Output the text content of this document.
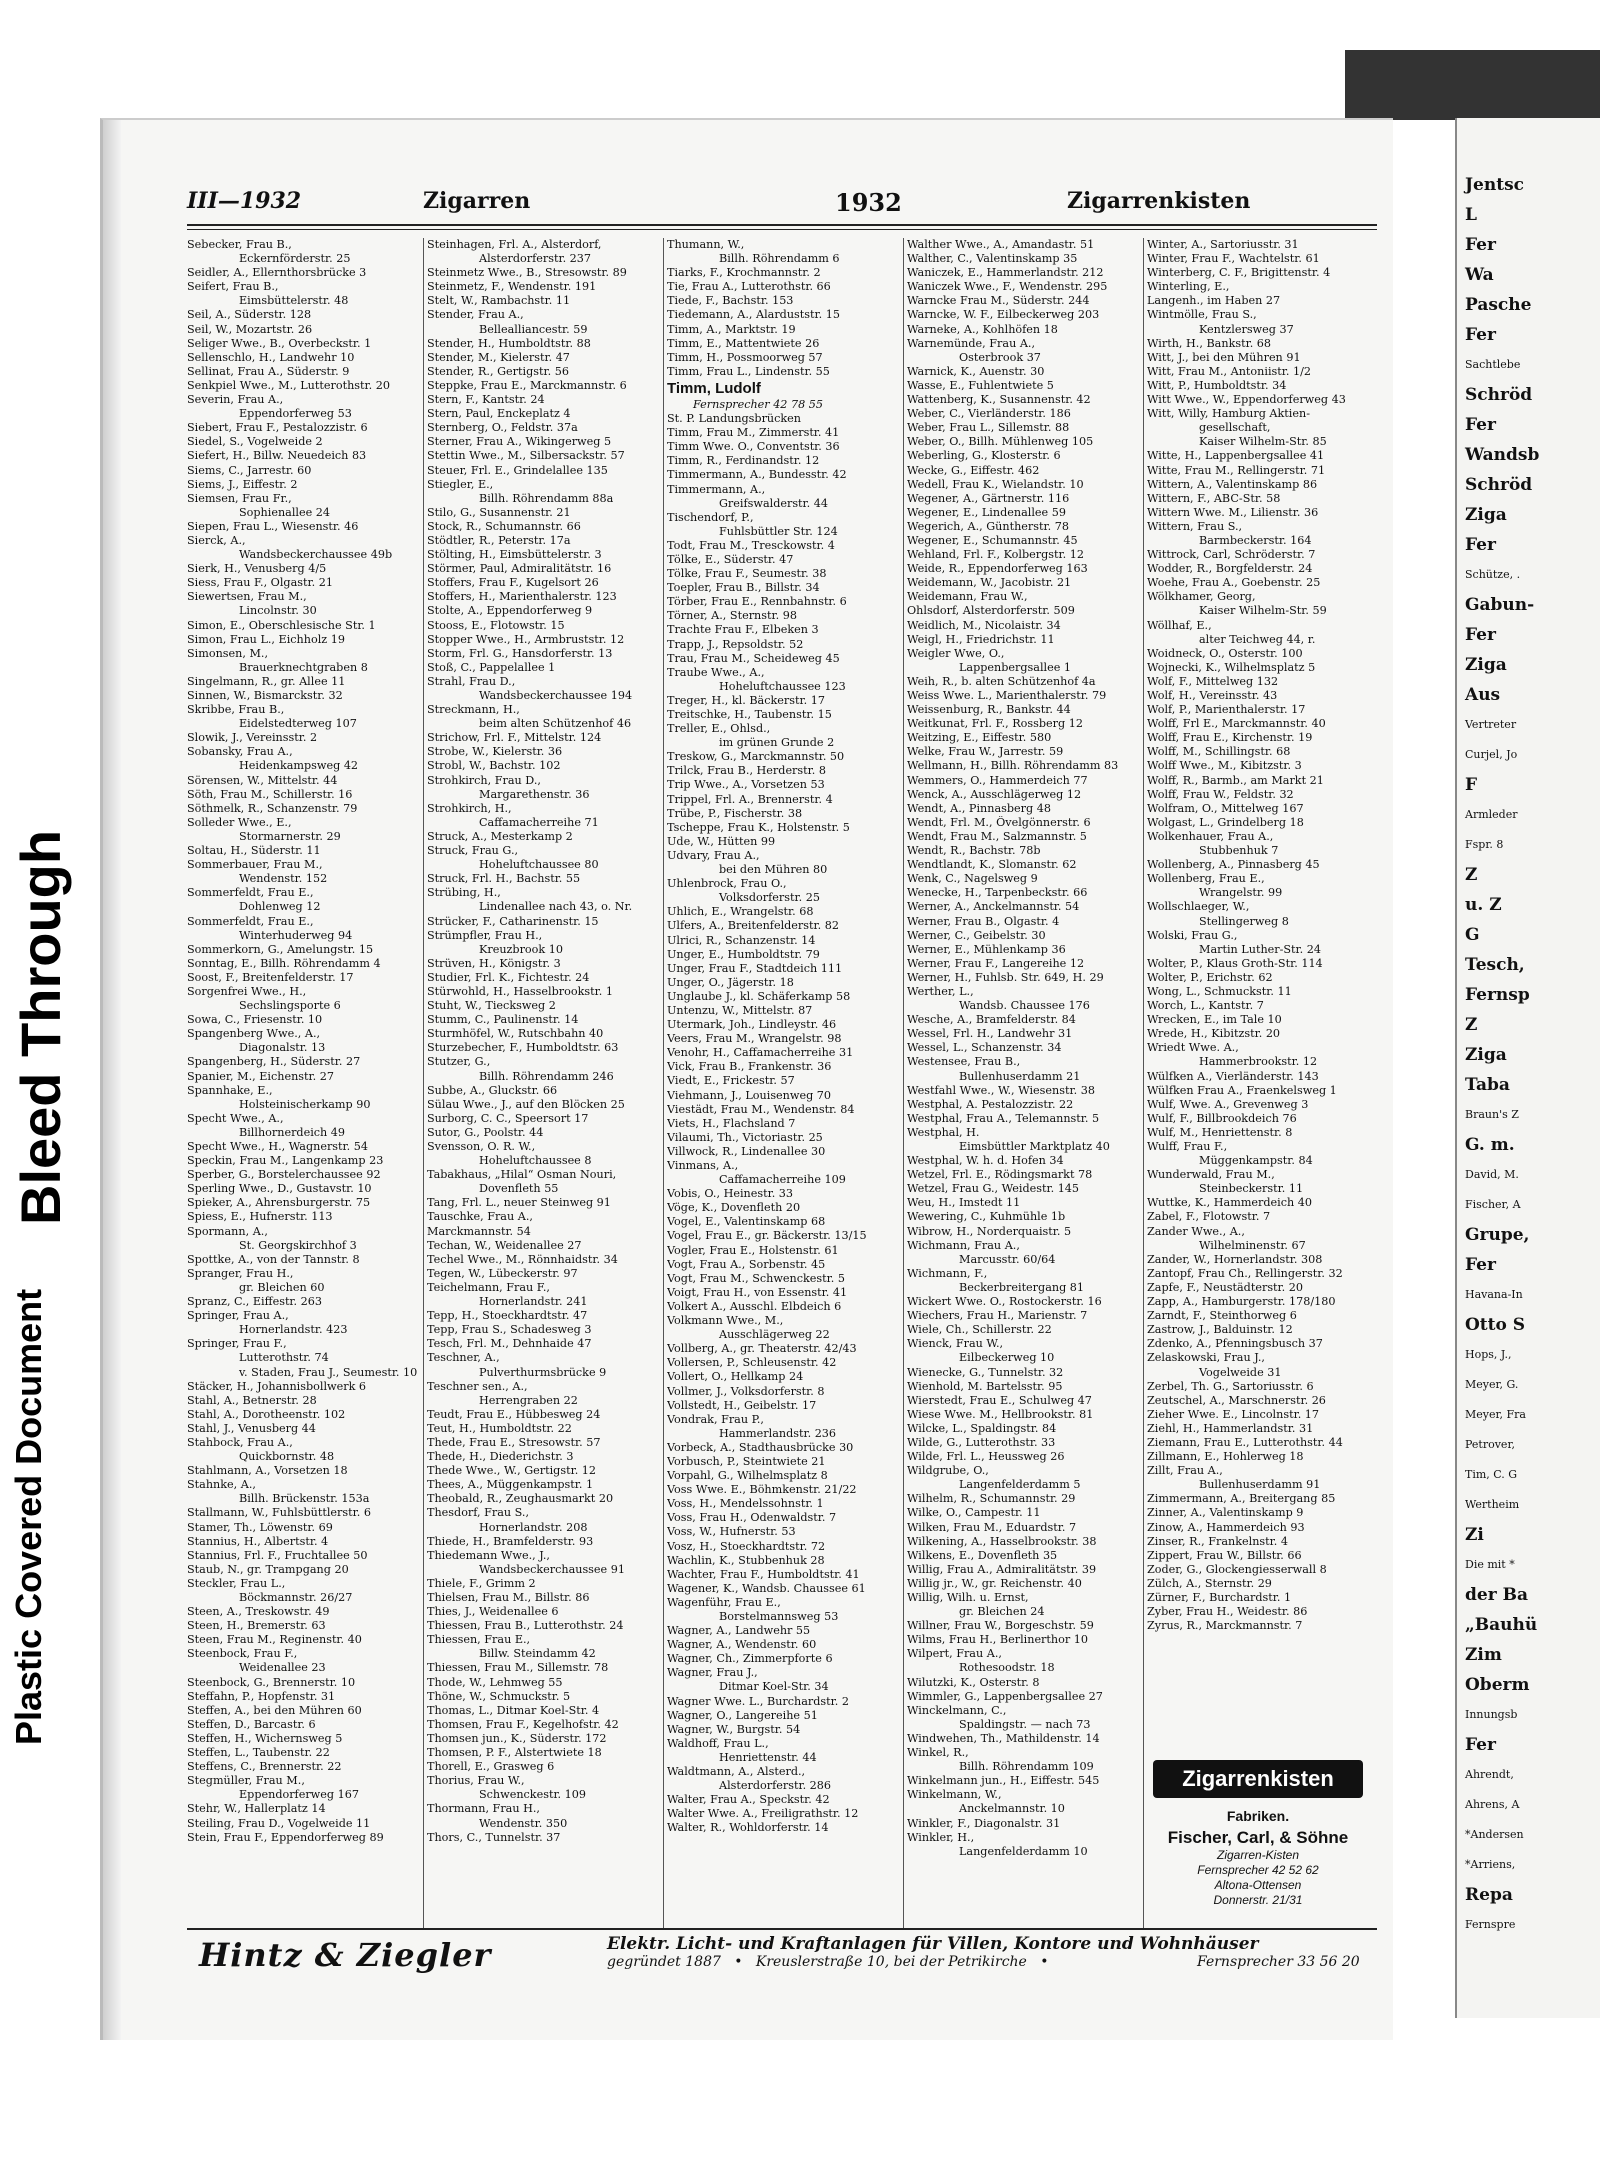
Bleed Through
Plastic Covered Document
III—1932	Zigarren	1932	Zigarrenkisten
Sebecker, Frau B.,
Eckernförderstr. 25
Seidler, A., Ellernthorsbrücke 3
Seifert, Frau B.,
Eimsbüttelerstr. 48
Seil, A., Süderstr. 128
Seil, W., Mozartstr. 26
Seliger Wwe., B., Overbeckstr. 1
Sellenschlo, H., Landwehr 10
Sellinat, Frau A., Süderstr. 9
Senkpiel Wwe., M., Lutterothstr. 20
Severin, Frau A.,
Eppendorferweg 53
Siebert, Frau F., Pestalozzistr. 6
Siedel, S., Vogelweide 2
Siefert, H., Billw. Neuedeich 83
Siems, C., Jarrestr. 60
Siems, J., Eiffestr. 2
Siemsen, Frau Fr.,
Sophienallee 24
Siepen, Frau L., Wiesenstr. 46
Sierck, A.,
Wandsbeckerchaussee 49b
Sierk, H., Venusberg 4/5
Siess, Frau F., Olgastr. 21
Siewertsen, Frau M.,
Lincolnstr. 30
Simon, E., Oberschlesische Str. 1
Simon, Frau L., Eichholz 19
Simonsen, M.,
Brauerknechtgraben 8
Singelmann, R., gr. Allee 11
Sinnen, W., Bismarckstr. 32
Skribbe, Frau B.,
Eidelstedterweg 107
Slowik, J., Vereinsstr. 2
Sobansky, Frau A.,
Heidenkampsweg 42
Sörensen, W., Mittelstr. 44
Söth, Frau M., Schillerstr. 16
Söthmelk, R., Schanzenstr. 79
Solleder Wwe., E.,
Stormarnerstr. 29
Soltau, H., Süderstr. 11
Sommerbauer, Frau M.,
Wendenstr. 152
Sommerfeldt, Frau E.,
Dohlenweg 12
Sommerfeldt, Frau E.,
Winterhuderweg 94
Sommerkorn, G., Amelungstr. 15
Sonntag, E., Billh. Röhrendamm 4
Soost, F., Breitenfelderstr. 17
Sorgenfrei Wwe., H.,
Sechslingsporte 6
Sowa, C., Friesenstr. 10
Spangenberg Wwe., A.,
Diagonalstr. 13
Spangenberg, H., Süderstr. 27
Spanier, M., Eichenstr. 27
Spannhake, E.,
Holsteinischerkamp 90
Specht Wwe., A.,
Billhornerdeich 49
Specht Wwe., H., Wagnerstr. 54
Speckin, Frau M., Langenkamp 23
Sperber, G., Borstelerchaussee 92
Sperling Wwe., D., Gustavstr. 10
Spieker, A., Ahrensburgerstr. 75
Spiess, E., Hufnerstr. 113
Spormann, A.,
St. Georgskirchhof 3
Spottke, A., von der Tannstr. 8
Spranger, Frau H.,
gr. Bleichen 60
Spranz, C., Eiffestr. 263
Springer, Frau A.,
Hornerlandstr. 423
Springer, Frau F.,
Lutterothstr. 74
v. Staden, Frau J., Seumestr. 10
Stäcker, H., Johannisbollwerk 6
Stahl, A., Betnerstr. 28
Stahl, A., Dorotheenstr. 102
Stahl, J., Venusberg 44
Stahbock, Frau A.,
Quickbornstr. 48
Stahlmann, A., Vorsetzen 18
Stahnke, A.,
Billh. Brückenstr. 153a
Stallmann, W., Fuhlsbüttlerstr. 6
Stamer, Th., Löwenstr. 69
Stannius, H., Albertstr. 4
Stannius, Frl. F., Fruchtallee 50
Staub, N., gr. Trampgang 20
Steckler, Frau L.,
Böckmannstr. 26/27
Steen, A., Treskowstr. 49
Steen, H., Bremerstr. 63
Steen, Frau M., Reginenstr. 40
Steenbock, Frau F.,
Weidenallee 23
Steenbock, G., Brennerstr. 10
Steffahn, P., Hopfenstr. 31
Steffen, A., bei den Mühren 60
Steffen, D., Barcastr. 6
Steffen, H., Wichernsweg 5
Steffen, L., Taubenstr. 22
Steffens, C., Brennerstr. 22
Stegmüller, Frau M.,
Eppendorferweg 167
Stehr, W., Hallerplatz 14
Steiling, Frau D., Vogelweide 11
Stein, Frau F., Eppendorferweg 89
Steinhagen, Frl. A., Alsterdorf,
Alsterdorferstr. 237
Steinmetz Wwe., B., Stresowstr. 89
Steinmetz, F., Wendenstr. 191
Stelt, W., Rambachstr. 11
Stender, Frau A.,
Bellealliancestr. 59
Stender, H., Humboldtstr. 88
Stender, M., Kielerstr. 47
Stender, R., Gertigstr. 56
Steppke, Frau E., Marckmannstr. 6
Stern, F., Kantstr. 24
Stern, Paul, Enckeplatz 4
Sternberg, O., Feldstr. 37a
Sterner, Frau A., Wikingerweg 5
Stettin Wwe., M., Silbersackstr. 57
Steuer, Frl. E., Grindelallee 135
Stiegler, E.,
Billh. Röhrendamm 88a
Stilo, G., Susannenstr. 21
Stock, R., Schumannstr. 66
Stödtler, R., Peterstr. 17a
Stölting, H., Eimsbüttelerstr. 3
Störmer, Paul, Admiralitätstr. 16
Stoffers, Frau F., Kugelsort 26
Stoffers, H., Marienthalerstr. 123
Stolte, A., Eppendorferweg 9
Stooss, E., Flotowstr. 15
Stopper Wwe., H., Armbruststr. 12
Storm, Frl. G., Hansdorferstr. 13
Stoß, C., Pappelallee 1
Strahl, Frau D.,
Wandsbeckerchaussee 194
Streckmann, H.,
beim alten Schützenhof 46
Strichow, Frl. F., Mittelstr. 124
Strobe, W., Kielerstr. 36
Strobl, W., Bachstr. 102
Strohkirch, Frau D.,
Margarethenstr. 36
Strohkirch, H.,
Caffamacherreihe 71
Struck, A., Mesterkamp 2
Struck, Frau G.,
Hoheluftchaussee 80
Struck, Frl. H., Bachstr. 55
Strübing, H.,
Lindenallee nach 43, o. Nr.
Strücker, F., Catharinenstr. 15
Strümpfler, Frau H.,
Kreuzbrook 10
Strüven, H., Königstr. 3
Studier, Frl. K., Fichtestr. 24
Stürwohld, H., Hasselbrookstr. 1
Stuht, W., Tiecksweg 2
Stumm, C., Paulinenstr. 14
Sturmhöfel, W., Rutschbahn 40
Sturzebecher, F., Humboldtstr. 63
Stutzer, G.,
Billh. Röhrendamm 246
Subbe, A., Gluckstr. 66
Sülau Wwe., J., auf den Blöcken 25
Surborg, C. C., Speersort 17
Sutor, G., Poolstr. 44
Svensson, O. R. W.,
Hoheluftchaussee 8
Tabakhaus, „Hilal“ Osman Nouri,
Dovenfleth 55
Tang, Frl. L., neuer Steinweg 91
Tauschke, Frau A.,
Marckmannstr. 54
Techan, W., Weidenallee 27
Techel Wwe., M., Rönnhaidstr. 34
Tegen, W., Lübeckerstr. 97
Teichelmann, Frau F.,
Hornerlandstr. 241
Tepp, H., Stoeckhardtstr. 47
Tepp, Frau S., Schadesweg 3
Tesch, Frl. M., Dehnhaide 47
Teschner, A.,
Pulverthurmsbrücke 9
Teschner sen., A.,
Herrengraben 22
Teudt, Frau E., Hübbesweg 24
Teut, H., Humboldtstr. 22
Thede, Frau E., Stresowstr. 57
Thede, H., Diederichstr. 3
Thede Wwe., W., Gertigstr. 12
Thees, A., Müggenkampstr. 1
Theobald, R., Zeughausmarkt 20
Thesdorf, Frau S.,
Hornerlandstr. 208
Thiede, H., Bramfelderstr. 93
Thiedemann Wwe., J.,
Wandsbeckerchaussee 91
Thiele, F., Grimm 2
Thielsen, Frau M., Billstr. 86
Thies, J., Weidenallee 6
Thiessen, Frau B., Lutterothstr. 24
Thiessen, Frau E.,
Billw. Steindamm 42
Thiessen, Frau M., Sillemstr. 78
Thode, W., Lehmweg 55
Thöne, W., Schmuckstr. 5
Thomas, L., Ditmar Koel-Str. 4
Thomsen, Frau F., Kegelhofstr. 42
Thomsen jun., K., Süderstr. 172
Thomsen, P. F., Alstertwiete 18
Thorell, E., Grasweg 6
Thorius, Frau W.,
Schwenckestr. 109
Thormann, Frau H.,
Wendenstr. 350
Thors, C., Tunnelstr. 37
Thumann, W.,
Billh. Röhrendamm 6
Tiarks, F., Krochmannstr. 2
Tie, Frau A., Lutterothstr. 66
Tiede, F., Bachstr. 153
Tiedemann, A., Alarduststr. 15
Timm, A., Marktstr. 19
Timm, E., Mattentwiete 26
Timm, H., Possmoorweg 57
Timm, Frau L., Lindenstr. 55
Timm, Ludolf
Fernsprecher 42 78 55
St. P. Landungsbrücken
Timm, Frau M., Zimmerstr. 41
Timm Wwe. O., Conventstr. 36
Timm, R., Ferdinandstr. 12
Timmermann, A., Bundesstr. 42
Timmermann, A.,
Greifswalderstr. 44
Tischendorf, P.,
Fuhlsbüttler Str. 124
Todt, Frau M., Tresckowstr. 4
Tölke, E., Süderstr. 47
Tölke, Frau F., Seumestr. 38
Toepler, Frau B., Billstr. 34
Törber, Frau E., Rennbahnstr. 6
Törner, A., Sternstr. 98
Trachte Frau F., Elbeken 3
Trapp, J., Repsoldstr. 52
Trau, Frau M., Scheideweg 45
Traube Wwe., A.,
Hoheluftchaussee 123
Treger, H., kl. Bäckerstr. 17
Treitschke, H., Taubenstr. 15
Treller, E., Ohlsd.,
im grünen Grunde 2
Treskow, G., Marckmannstr. 50
Trilck, Frau B., Herderstr. 8
Trip Wwe., A., Vorsetzen 53
Trippel, Frl. A., Brennerstr. 4
Trübe, P., Fischerstr. 38
Tscheppe, Frau K., Holstenstr. 5
Ude, W., Hütten 99
Udvary, Frau A.,
bei den Mühren 80
Uhlenbrock, Frau O.,
Volksdorferstr. 25
Uhlich, E., Wrangelstr. 68
Ulfers, A., Breitenfelderstr. 82
Ulrici, R., Schanzenstr. 14
Unger, E., Humboldtstr. 79
Unger, Frau F., Stadtdeich 111
Unger, O., Jägerstr. 18
Unglaube J., kl. Schäferkamp 58
Untenzu, W., Mittelstr. 87
Utermark, Joh., Lindleystr. 46
Veers, Frau M., Wrangelstr. 98
Venohr, H., Caffamacherreihe 31
Vick, Frau B., Frankenstr. 36
Viedt, E., Frickestr. 57
Viehmann, J., Louisenweg 70
Viestädt, Frau M., Wendenstr. 84
Viets, H., Flachsland 7
Vilaumi, Th., Victoriastr. 25
Villwock, R., Lindenallee 30
Vinmans, A.,
Caffamacherreihe 109
Vobis, O., Heinestr. 33
Vöge, K., Dovenfleth 20
Vogel, E., Valentinskamp 68
Vogel, Frau E., gr. Bäckerstr. 13/15
Vogler, Frau E., Holstenstr. 61
Vogt, Frau A., Sorbenstr. 45
Vogt, Frau M., Schwenckestr. 5
Voigt, Frau H., von Essenstr. 41
Volkert A., Ausschl. Elbdeich 6
Volkmann Wwe., M.,
Ausschlägerweg 22
Vollberg, A., gr. Theaterstr. 42/43
Vollersen, P., Schleusenstr. 42
Vollert, O., Hellkamp 24
Vollmer, J., Volksdorferstr. 8
Vollstedt, H., Geibelstr. 17
Vondrak, Frau P.,
Hammerlandstr. 236
Vorbeck, A., Stadthausbrücke 30
Vorbusch, P., Steintwiete 21
Vorpahl, G., Wilhelmsplatz 8
Voss Wwe. E., Böhmkenstr. 21/22
Voss, H., Mendelssohnstr. 1
Voss, Frau H., Odenwaldstr. 7
Voss, W., Hufnerstr. 53
Vosz, H., Stoeckhardtstr. 72
Wachlin, K., Stubbenhuk 28
Wachter, Frau F., Humboldtstr. 41
Wagener, K., Wandsb. Chaussee 61
Wagenführ, Frau E.,
Borstelmannsweg 53
Wagner, A., Landwehr 55
Wagner, A., Wendenstr. 60
Wagner, Ch., Zimmerpforte 6
Wagner, Frau J.,
Ditmar Koel-Str. 34
Wagner Wwe. L., Burchardstr. 2
Wagner, O., Langereihe 51
Wagner, W., Burgstr. 54
Waldhoff, Frau L.,
Henriettenstr. 44
Waldtmann, A., Alsterd.,
Alsterdorferstr. 286
Walter, Frau A., Speckstr. 42
Walter Wwe. A., Freiligrathstr. 12
Walter, R., Wohldorferstr. 14
Walther Wwe., A., Amandastr. 51
Walther, C., Valentinskamp 35
Waniczek, E., Hammerlandstr. 212
Waniczek Wwe., F., Wendenstr. 295
Warncke Frau M., Süderstr. 244
Warncke, W. F., Eilbeckerweg 203
Warneke, A., Kohlhöfen 18
Warnemünde, Frau A.,
Osterbrook 37
Warnick, K., Auenstr. 30
Wasse, E., Fuhlentwiete 5
Wattenberg, K., Susannenstr. 42
Weber, C., Vierländerstr. 186
Weber, Frau L., Sillemstr. 88
Weber, O., Billh. Mühlenweg 105
Weberling, G., Klosterstr. 6
Wecke, G., Eiffestr. 462
Wedell, Frau K., Wielandstr. 10
Wegener, A., Gärtnerstr. 116
Wegener, E., Lindenallee 59
Wegerich, A., Güntherstr. 78
Wegener, E., Schumannstr. 45
Wehland, Frl. F., Kolbergstr. 12
Weide, R., Eppendorferweg 163
Weidemann, W., Jacobistr. 21
Weidemann, Frau W.,
Ohlsdorf, Alsterdorferstr. 509
Weidlich, M., Nicolaistr. 34
Weigl, H., Friedrichstr. 11
Weigler Wwe, O.,
Lappenbergsallee 1
Weih, R., b. alten Schützenhof 4a
Weiss Wwe. L., Marienthalerstr. 79
Weissenburg, R., Bankstr. 44
Weitkunat, Frl. F., Rossberg 12
Weitzing, E., Eiffestr. 580
Welke, Frau W., Jarrestr. 59
Wellmann, H., Billh. Röhrendamm 83
Wemmers, O., Hammerdeich 77
Wenck, A., Ausschlägerweg 12
Wendt, A., Pinnasberg 48
Wendt, Frl. M., Övelgönnerstr. 6
Wendt, Frau M., Salzmannstr. 5
Wendt, R., Bachstr. 78b
Wendtlandt, K., Slomanstr. 62
Wenk, C., Nagelsweg 9
Wenecke, H., Tarpenbeckstr. 66
Werner, A., Anckelmannstr. 54
Werner, Frau B., Olgastr. 4
Werner, C., Geibelstr. 30
Werner, E., Mühlenkamp 36
Werner, Frau F., Langereihe 12
Werner, H., Fuhlsb. Str. 649, H. 29
Werther, L.,
Wandsb. Chaussee 176
Wesche, A., Bramfelderstr. 84
Wessel, Frl. H., Landwehr 31
Wessel, L., Schanzenstr. 34
Westensee, Frau B.,
Bullenhuserdamm 21
Westfahl Wwe., W., Wiesenstr. 38
Westphal, A. Pestalozzistr. 22
Westphal, Frau A., Telemannstr. 5
Westphal, H.
Eimsbüttler Marktplatz 40
Westphal, W. h. d. Hofen 34
Wetzel, Frl. E., Rödingsmarkt 78
Wetzel, Frau G., Weidestr. 145
Weu, H., Imstedt 11
Wewering, C., Kuhmühle 1b
Wibrow, H., Norderquaistr. 5
Wichmann, Frau A.,
Marcusstr. 60/64
Wichmann, F.,
Beckerbreitergang 81
Wickert Wwe. O., Rostockerstr. 16
Wiechers, Frau H., Marienstr. 7
Wiele, Ch., Schillerstr. 22
Wienck, Frau W.,
Eilbeckerweg 10
Wienecke, G., Tunnelstr. 32
Wienhold, M. Bartelsstr. 95
Wierstedt, Frau E., Schulweg 47
Wiese Wwe. M., Hellbrookstr. 81
Wilcke, L., Spaldingstr. 84
Wilde, G., Lutterothstr. 33
Wilde, Frl. L., Heussweg 26
Wildgrube, O.,
Langenfelderdamm 5
Wilhelm, R., Schumannstr. 29
Wilke, O., Campestr. 11
Wilken, Frau M., Eduardstr. 7
Wilkening, A., Hasselbrookstr. 38
Wilkens, E., Dovenfleth 35
Willig, Frau A., Admiralitätstr. 39
Willig jr., W., gr. Reichenstr. 40
Willig, Wilh. u. Ernst,
gr. Bleichen 24
Willner, Frau W., Borgeschstr. 59
Wilms, Frau H., Berlinerthor 10
Wilpert, Frau A.,
Rothesoodstr. 18
Wilutzki, K., Osterstr. 8
Wimmler, G., Lappenbergsallee 27
Winckelmann, C.,
Spaldingstr. — nach 73
Windwehen, Th., Mathildenstr. 14
Winkel, R.,
Billh. Röhrendamm 109
Winkelmann jun., H., Eiffestr. 545
Winkelmann, W.,
Anckelmannstr. 10
Winkler, F., Diagonalstr. 31
Winkler, H.,
Langenfelderdamm 10
Winter, A., Sartoriusstr. 31
Winter, Frau F., Wachtelstr. 61
Winterberg, C. F., Brigittenstr. 4
Winterling, E.,
Langenh., im Haben 27
Wintmölle, Frau S.,
Kentzlersweg 37
Wirth, H., Bankstr. 68
Witt, J., bei den Mühren 91
Witt, Frau M., Antoniistr. 1/2
Witt, P., Humboldtstr. 34
Witt Wwe., W., Eppendorferweg 43
Witt, Willy, Hamburg Aktien-
gesellschaft,
Kaiser Wilhelm-Str. 85
Witte, H., Lappenbergsallee 41
Witte, Frau M., Rellingerstr. 71
Wittern, A., Valentinskamp 86
Wittern, F., ABC-Str. 58
Wittern Wwe. M., Lilienstr. 36
Wittern, Frau S.,
Barmbeckerstr. 164
Wittrock, Carl, Schröderstr. 7
Wodder, R., Borgfelderstr. 24
Woehe, Frau A., Goebenstr. 25
Wölkhamer, Georg,
Kaiser Wilhelm-Str. 59
Wöllhaf, E.,
alter Teichweg 44, r.
Woidneck, O., Osterstr. 100
Wojnecki, K., Wilhelmsplatz 5
Wolf, F., Mittelweg 132
Wolf, H., Vereinsstr. 43
Wolf, P., Marienthalerstr. 17
Wolff, Frl E., Marckmannstr. 40
Wolff, Frau E., Kirchenstr. 19
Wolff, M., Schillingstr. 68
Wolff Wwe., M., Kibitzstr. 3
Wolff, R., Barmb., am Markt 21
Wolff, Frau W., Feldstr. 32
Wolfram, O., Mittelweg 167
Wolgast, L., Grindelberg 18
Wolkenhauer, Frau A.,
Stubbenhuk 7
Wollenberg, A., Pinnasberg 45
Wollenberg, Frau E.,
Wrangelstr. 99
Wollschlaeger, W.,
Stellingerweg 8
Wolski, Frau G.,
Martin Luther-Str. 24
Wolter, P., Klaus Groth-Str. 114
Wolter, P., Erichstr. 62
Wong, L., Schmuckstr. 11
Worch, L., Kantstr. 7
Wrecken, E., im Tale 10
Wrede, H., Kibitzstr. 20
Wriedt Wwe. A.,
Hammerbrookstr. 12
Wülfken A., Vierländerstr. 143
Wülfken Frau A., Fraenkelsweg 1
Wulf, Wwe. A., Grevenweg 3
Wulf, F., Billbrookdeich 76
Wulf, M., Henriettenstr. 8
Wulff, Frau F.,
Müggenkampstr. 84
Wunderwald, Frau M.,
Steinbeckerstr. 11
Wuttke, K., Hammerdeich 40
Zabel, F., Flotowstr. 7
Zander Wwe., A.,
Wilhelminenstr. 67
Zander, W., Hornerlandstr. 308
Zantopf, Frau Ch., Rellingerstr. 32
Zapfe, F., Neustädterstr. 20
Zapp, A., Hamburgerstr. 178/180
Zarndt, F., Steinthorweg 6
Zastrow, J., Balduinstr. 12
Zdenko, A., Pfenningsbusch 37
Zelaskowski, Frau J.,
Vogelweide 31
Zerbel, Th. G., Sartoriusstr. 6
Zeutschel, A., Marschnerstr. 26
Zieher Wwe. E., Lincolnstr. 17
Ziehl, H., Hammerlandstr. 31
Ziemann, Frau E., Lutterothstr. 44
Zillmann, E., Hohlerweg 18
Zillt, Frau A.,
Bullenhuserdamm 91
Zimmermann, A., Breitergang 85
Zinner, A., Valentinskamp 9
Zinow, A., Hammerdeich 93
Zinser, R., Frankelnstr. 4
Zippert, Frau W., Billstr. 66
Zoder, G., Glockengiesserwall 8
Zülch, A., Sternstr. 29
Zürner, F., Burchardstr. 1
Zyber, Frau H., Weidestr. 86
Zyrus, R., Marckmannstr. 7
Zigarrenkisten
Fabriken.
Fischer, Carl, & Söhne
Zigarren-Kisten
Fernsprecher 42 52 62
Altona-Ottensen
Donnerstr. 21/31
Hintz & Ziegler	Elektr. Licht- und Kraftanlagen für Villen, Kontore und Wohnhäuser
gegründet 1887   •   Kreuslerstraße 10, bei der Petrikirche   •	Fernsprecher 33 56 20
Jentsc
L
Fer
Wa
Pasche
Fer
Sachtlebe
Schröd
Fer
Wandsb
Schröd
Ziga
Fer
Schütze, .
Gabun-
Fer
Ziga
Aus
Vertreter
Curjel, Jo
F
Armleder
Fspr. 8
Z
u. Z
G
Tesch,
Fernsp
Z
Ziga
Taba
Braun's Z
G. m.
David, M.
Fischer, A
Grupe,
Fer
Havana-In
Otto S
Hops, J.,
Meyer, G.
Meyer, Fra
Petrover,
Tim, C. G
Wertheim
Zi
Die mit *
der Ba
„Bauhü
Zim
Oberm
Innungsb
Fer
Ahrendt,
Ahrens, A
*Andersen
*Arriens,
Repa
Fernspre
